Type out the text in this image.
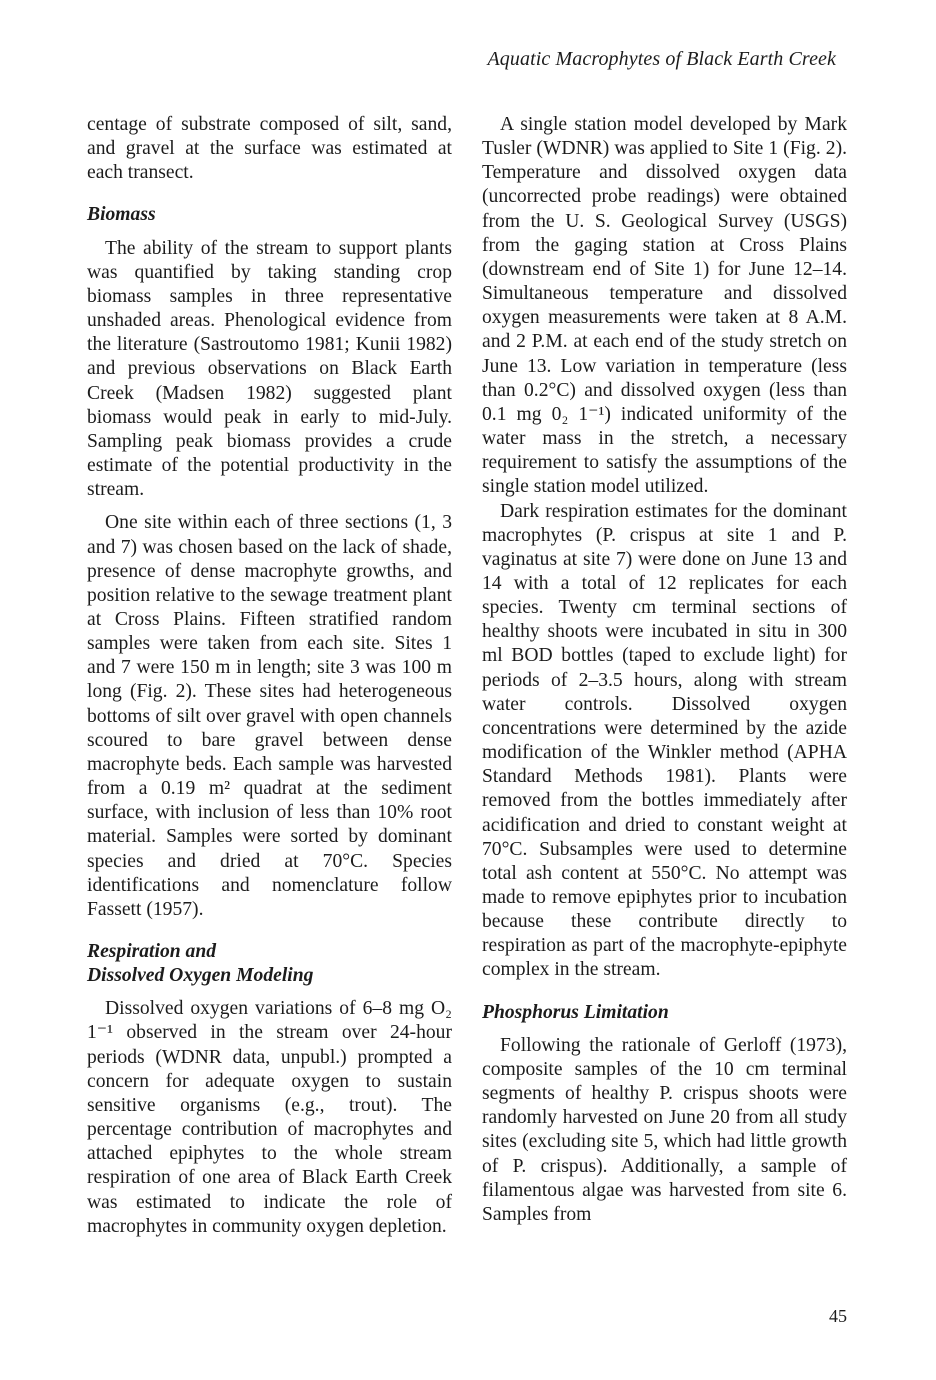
Aquatic Macrophytes of Black Earth Creek

centage of substrate composed of silt, sand, and gravel at the surface was estimated at each transect.

Biomass

The ability of the stream to support plants was quantified by taking standing crop biomass samples in three representative unshaded areas. Phenological evidence from the literature (Sastroutomo 1981; Kunii 1982) and previous observations on Black Earth Creek (Madsen 1982) suggested plant biomass would peak in early to mid-July. Sampling peak biomass provides a crude estimate of the potential productivity in the stream.

One site within each of three sections (1, 3 and 7) was chosen based on the lack of shade, presence of dense macrophyte growths, and position relative to the sewage treatment plant at Cross Plains. Fifteen stratified random samples were taken from each site. Sites 1 and 7 were 150 m in length; site 3 was 100 m long (Fig. 2). These sites had heterogeneous bottoms of silt over gravel with open channels scoured to bare gravel between dense macrophyte beds. Each sample was harvested from a 0.19 m² quadrat at the sediment surface, with inclusion of less than 10% root material. Samples were sorted by dominant species and dried at 70°C. Species identifications and nomenclature follow Fassett (1957).

Respiration and
Dissolved Oxygen Modeling

Dissolved oxygen variations of 6–8 mg O₂ 1⁻¹ observed in the stream over 24-hour periods (WDNR data, unpubl.) prompted a concern for adequate oxygen to sustain sensitive organisms (e.g., trout). The percentage contribution of macrophytes and attached epiphytes to the whole stream respiration of one area of Black Earth Creek was estimated to indicate the role of macrophytes in community oxygen depletion.

A single station model developed by Mark Tusler (WDNR) was applied to Site 1 (Fig. 2). Temperature and dissolved oxygen data (uncorrected probe readings) were obtained from the U. S. Geological Survey (USGS) from the gaging station at Cross Plains (downstream end of Site 1) for June 12–14. Simultaneous temperature and dissolved oxygen measurements were taken at 8 A.M. and 2 P.M. at each end of the study stretch on June 13. Low variation in temperature (less than 0.2°C) and dissolved oxygen (less than 0.1 mg 0₂ 1⁻¹) indicated uniformity of the water mass in the stretch, a necessary requirement to satisfy the assumptions of the single station model utilized.

Dark respiration estimates for the dominant macrophytes (P. crispus at site 1 and P. vaginatus at site 7) were done on June 13 and 14 with a total of 12 replicates for each species. Twenty cm terminal sections of healthy shoots were incubated in situ in 300 ml BOD bottles (taped to exclude light) for periods of 2–3.5 hours, along with stream water controls. Dissolved oxygen concentrations were determined by the azide modification of the Winkler method (APHA Standard Methods 1981). Plants were removed from the bottles immediately after acidification and dried to constant weight at 70°C. Subsamples were used to determine total ash content at 550°C. No attempt was made to remove epiphytes prior to incubation because these contribute directly to respiration as part of the macrophyte-epiphyte complex in the stream.

Phosphorus Limitation

Following the rationale of Gerloff (1973), composite samples of the 10 cm terminal segments of healthy P. crispus shoots were randomly harvested on June 20 from all study sites (excluding site 5, which had little growth of P. crispus). Additionally, a sample of filamentous algae was harvested from site 6. Samples from

45
